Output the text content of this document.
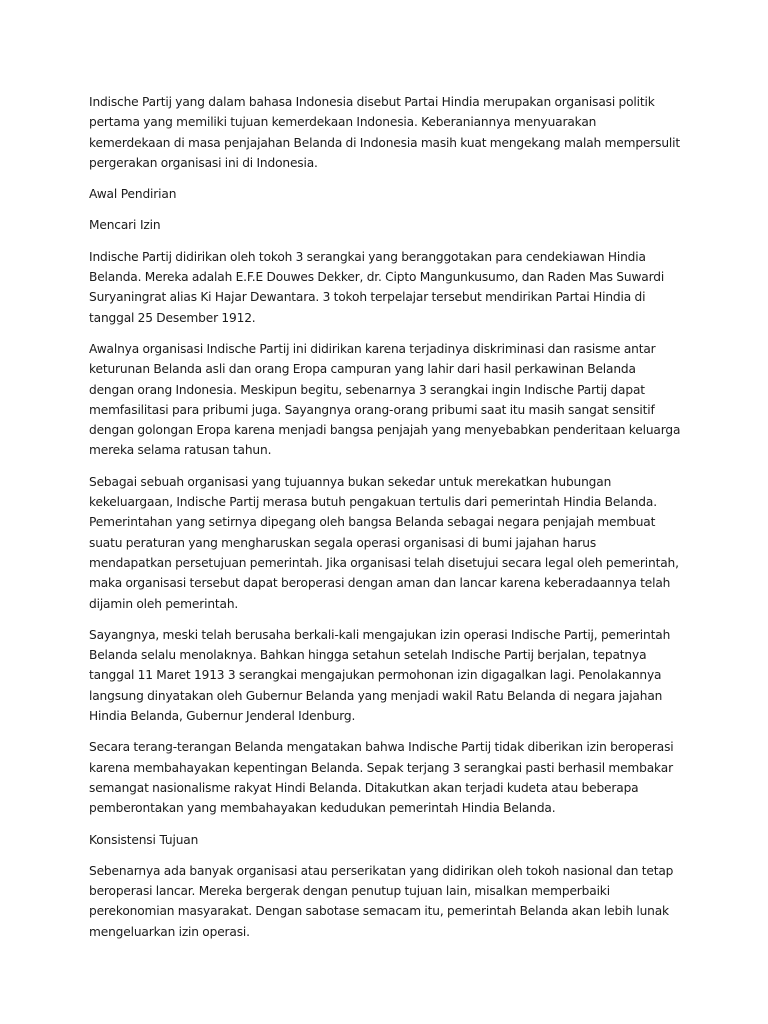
Indische Partij yang dalam bahasa Indonesia disebut Partai Hindia merupakan organisasi politik pertama yang memiliki tujuan kemerdekaan Indonesia. Keberaniannya menyuarakan kemerdekaan di masa penjajahan Belanda di Indonesia masih kuat mengekang malah mempersulit pergerakan organisasi ini di Indonesia.

Awal Pendirian

Mencari Izin

Indische Partij didirikan oleh tokoh 3 serangkai yang beranggotakan para cendekiawan Hindia Belanda. Mereka adalah E.F.E Douwes Dekker, dr. Cipto Mangunkusumo, dan Raden Mas Suwardi Suryaningrat alias Ki Hajar Dewantara. 3 tokoh terpelajar tersebut mendirikan Partai Hindia di tanggal 25 Desember 1912.

Awalnya organisasi Indische Partij ini didirikan karena terjadinya diskriminasi dan rasisme antar keturunan Belanda asli dan orang Eropa campuran yang lahir dari hasil perkawinan Belanda dengan orang Indonesia. Meskipun begitu, sebenarnya 3 serangkai ingin Indische Partij dapat memfasilitasi para pribumi juga. Sayangnya orang-orang pribumi saat itu masih sangat sensitif dengan golongan Eropa karena menjadi bangsa penjajah yang menyebabkan penderitaan keluarga mereka selama ratusan tahun.

Sebagai sebuah organisasi yang tujuannya bukan sekedar untuk merekatkan hubungan kekeluargaan, Indische Partij merasa butuh pengakuan tertulis dari pemerintah Hindia Belanda. Pemerintahan yang setirnya dipegang oleh bangsa Belanda sebagai negara penjajah membuat suatu peraturan yang mengharuskan segala operasi organisasi di bumi jajahan harus mendapatkan persetujuan pemerintah. Jika organisasi telah disetujui secara legal oleh pemerintah, maka organisasi tersebut dapat beroperasi dengan aman dan lancar karena keberadaannya telah dijamin oleh pemerintah.

Sayangnya, meski telah berusaha berkali-kali mengajukan izin operasi Indische Partij, pemerintah Belanda selalu menolaknya. Bahkan hingga setahun setelah Indische Partij berjalan, tepatnya tanggal 11 Maret 1913 3 serangkai mengajukan permohonan izin digagalkan lagi. Penolakannya langsung dinyatakan oleh Gubernur Belanda yang menjadi wakil Ratu Belanda di negara jajahan Hindia Belanda, Gubernur Jenderal Idenburg.

Secara terang-terangan Belanda mengatakan bahwa Indische Partij tidak diberikan izin beroperasi karena membahayakan kepentingan Belanda. Sepak terjang 3 serangkai pasti berhasil membakar semangat nasionalisme rakyat Hindi Belanda. Ditakutkan akan terjadi kudeta atau beberapa pemberontakan yang membahayakan kedudukan pemerintah Hindia Belanda.

Konsistensi Tujuan

Sebenarnya ada banyak organisasi atau perserikatan yang didirikan oleh tokoh nasional dan tetap beroperasi lancar. Mereka bergerak dengan penutup tujuan lain, misalkan memperbaiki perekonomian masyarakat. Dengan sabotase semacam itu, pemerintah Belanda akan lebih lunak mengeluarkan izin operasi.
